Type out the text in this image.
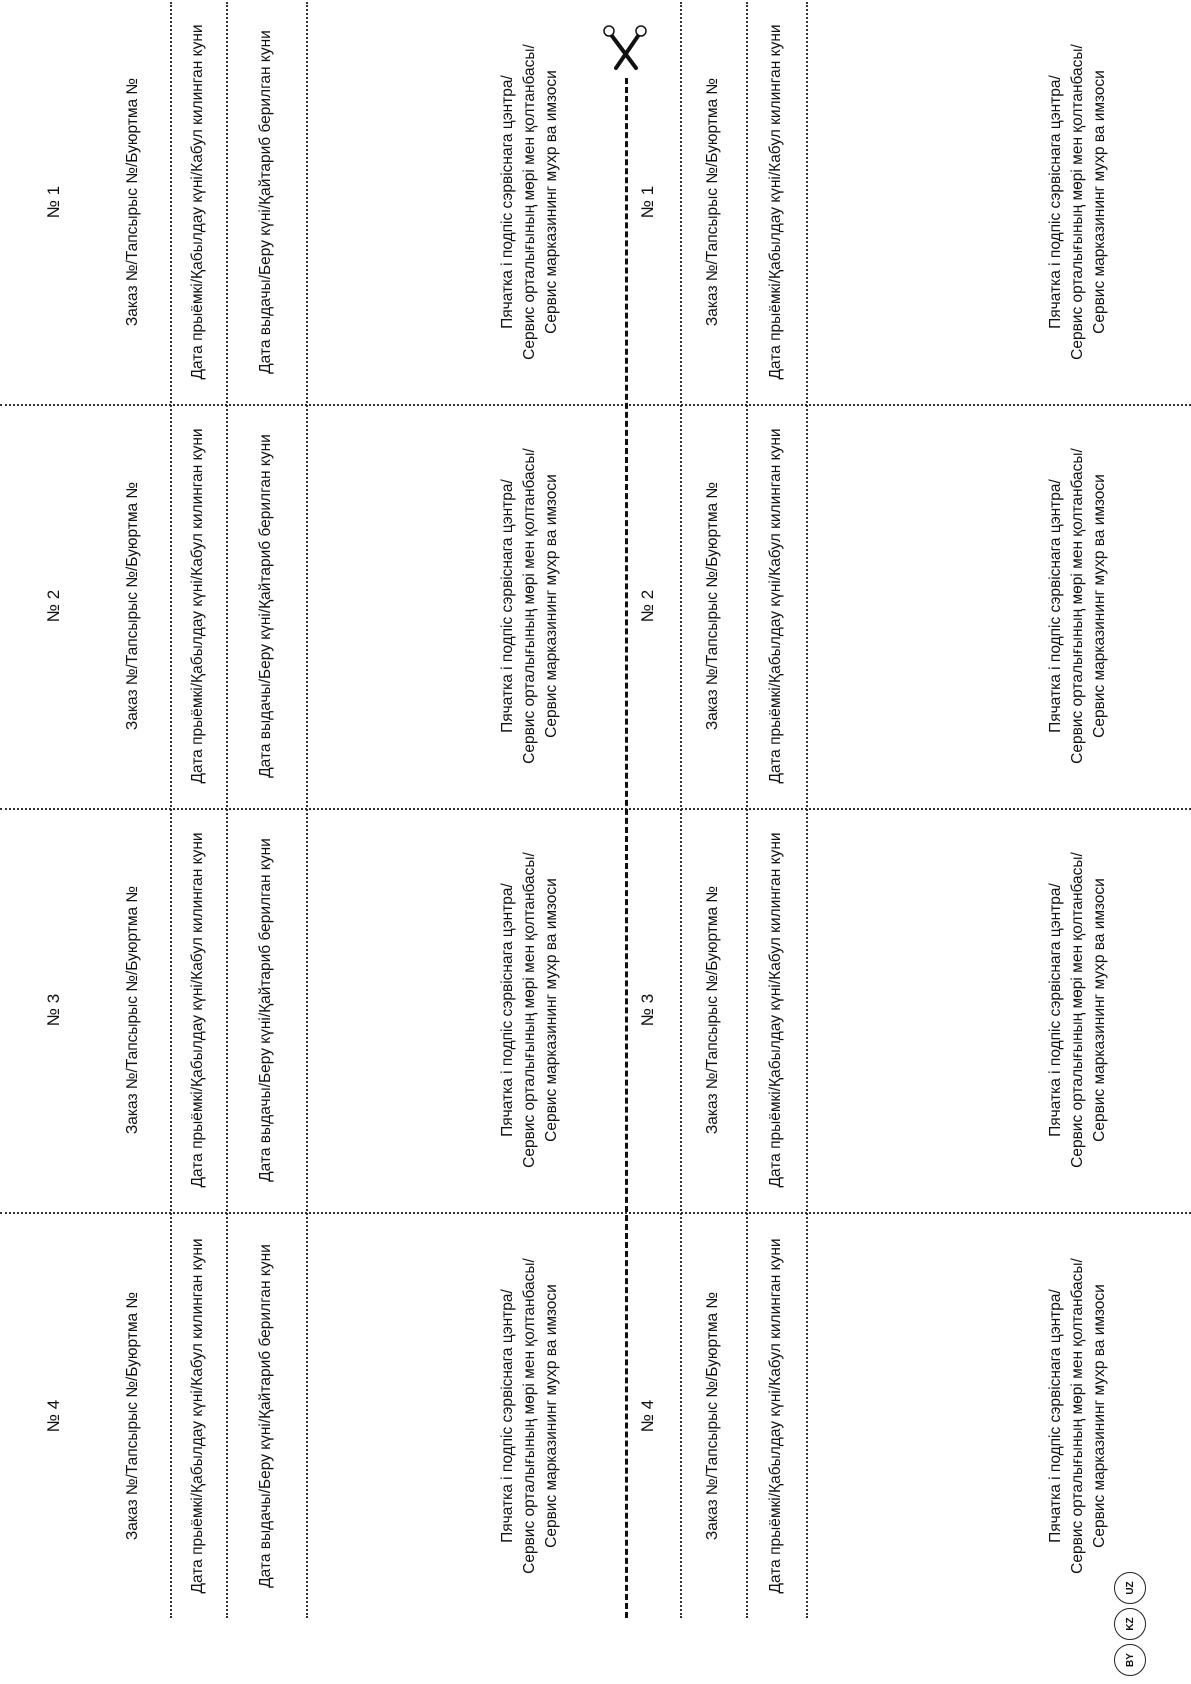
№ 4	Заказ №/Тапсырыс №/Буюртма №	Дата прыёмкі/Қабылдау күні/Кабул килинган куни	Дата выдачы/Беру күні/Қайтариб берилган куни	Пячатка і подпіс сэрвіснага цэнтра/ Сервис орталығының мөрі мен қолтанбасы/ Сервис марказининг мухр ва имзоси	№ 4	Заказ №/Тапсырыс №/Буюртма №	Дата прыёмкі/Қабылдау күні/Кабул килинган куни	Пячатка і подпіс сэрвіснага цэнтра/ Сервис орталығының мөрі мен қолтанбасы/ Сервис марказининг мухр ва имзоси
№ 3	Заказ №/Тапсырыс №/Буюртма №	Дата прыёмкі/Қабылдау күні/Кабул килинган куни	Дата выдачы/Беру күні/Қайтариб берилган куни	Пячатка і подпіс сэрвіснага цэнтра/ Сервис орталығының мөрі мен қолтанбасы/ Сервис марказининг мухр ва имзоси	№ 3	Заказ №/Тапсырыс №/Буюртма №	Дата прыёмкі/Қабылдау күні/Кабул килинган куни	Пячатка і подпіс сэрвіснага цэнтра/ Сервис орталығының мөрі мен қолтанбасы/ Сервис марказининг мухр ва имзоси
№ 2	Заказ №/Тапсырыс №/Буюртма №	Дата прыёмкі/Қабылдау күні/Кабул килинган куни	Дата выдачы/Беру күні/Қайтариб берилган куни	Пячатка і подпіс сэрвіснага цэнтра/ Сервис орталығының мөрі мен қолтанбасы/ Сервис марказининг мухр ва имзоси	№ 2	Заказ №/Тапсырыс №/Буюртма №	Дата прыёмкі/Қабылдау күні/Кабул килинган куни	Пячатка і подпіс сэрвіснага цэнтра/ Сервис орталығының мөрі мен қолтанбасы/ Сервис марказининг мухр ва имзоси
№ 1	Заказ №/Тапсырыс №/Буюртма №	Дата прыёмкі/Қабылдау күні/Кабул килинган куни	Дата выдачы/Беру күні/Қайтариб берилган куни	Пячатка і подпіс сэрвіснага цэнтра/ Сервис орталығының мөрі мен қолтанбасы/ Сервис марказининг мухр ва имзоси	№ 1	Заказ №/Тапсырыс №/Буюртма №	Дата прыёмкі/Қабылдау күні/Кабул килинган куни	Пячатка і подпіс сэрвіснага цэнтра/ Сервис орталығының мөрі мен қолтанбасы/ Сервис марказининг мухр ва имзоси
BY
KZ
UZ
